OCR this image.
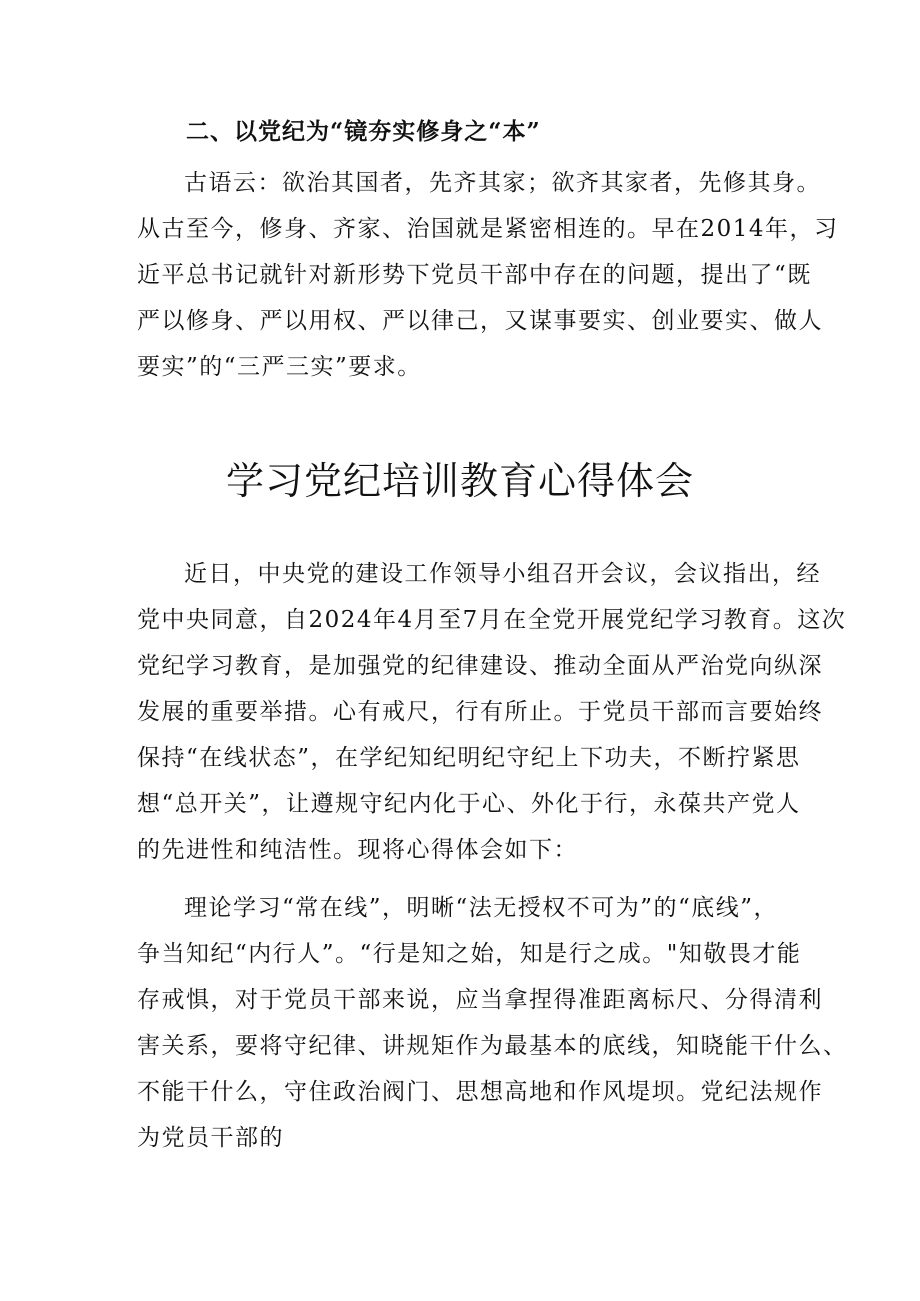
二、以党纪为“镜夯实修身之“本”
古语云：欲治其国者，先齐其家；欲齐其家者，先修其身。
从古至今，修身、齐家、治国就是紧密相连的。早在2014年，习
近平总书记就针对新形势下党员干部中存在的问题，提出了“既
严以修身、严以用权、严以律己，又谋事要实、创业要实、做人
要实”的“三严三实”要求。
学习党纪培训教育心得体会
近日，中央党的建设工作领导小组召开会议，会议指出，经
党中央同意，自2024年4月至7月在全党开展党纪学习教育。这次
党纪学习教育，是加强党的纪律建设、推动全面从严治党向纵深
发展的重要举措。心有戒尺，行有所止。于党员干部而言要始终
保持“在线状态”，在学纪知纪明纪守纪上下功夫，不断拧紧思
想“总开关”，让遵规守纪内化于心、外化于行，永葆共产党人
的先进性和纯洁性。现将心得体会如下：
理论学习“常在线”，明晰“法无授权不可为”的“底线”，
争当知纪“内行人”。“行是知之始，知是行之成。"知敬畏才能
存戒惧，对于党员干部来说，应当拿捏得准距离标尺、分得清利
害关系，要将守纪律、讲规矩作为最基本的底线，知晓能干什么、
不能干什么，守住政治阀门、思想高地和作风堤坝。党纪法规作
为党员干部的
